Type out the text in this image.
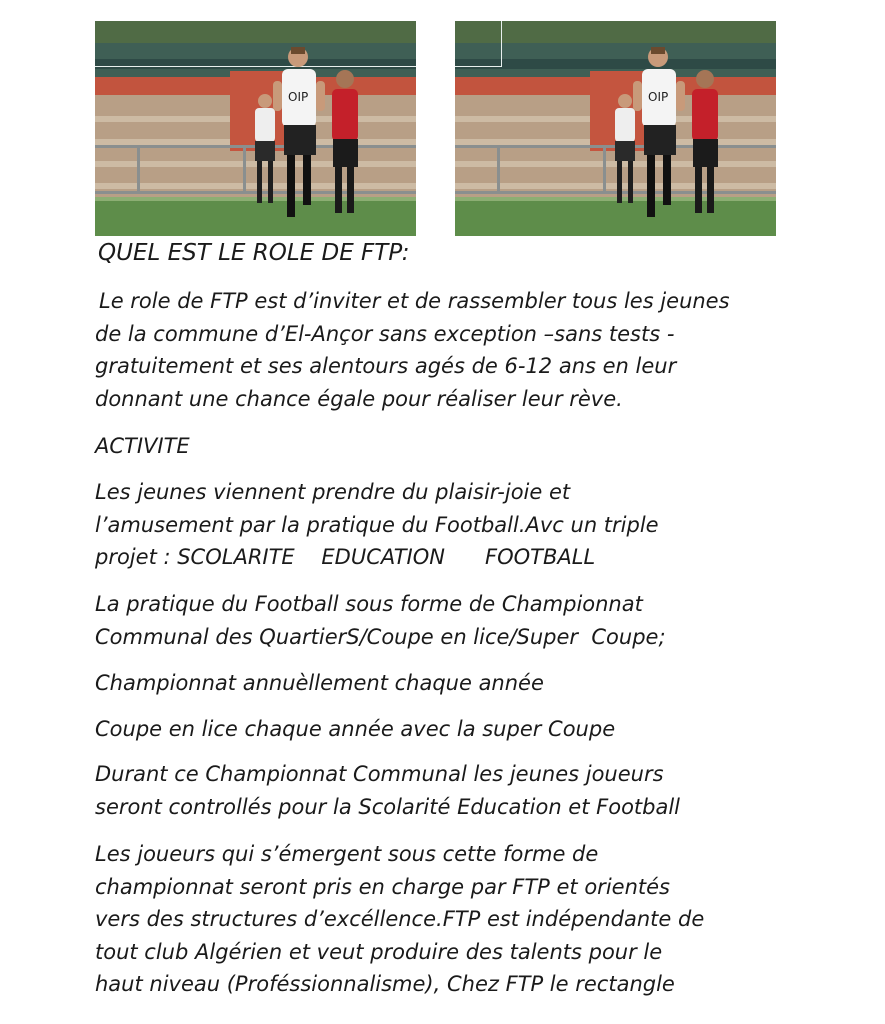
OIP	OIP
QUEL EST LE ROLE DE FTP:
Le role de FTP est d’inviter et de rassembler tous les jeunes
de la commune d’El-Ançor sans exception –sans tests -
gratuitement et ses alentours agés de 6-12 ans en leur
donnant une chance égale pour réaliser leur rève.
ACTIVITE
Les jeunes viennent prendre du plaisir-joie et
l’amusement par la pratique du Football.Avc un triple
projet : SCOLARITE    EDUCATION      FOOTBALL
La pratique du Football sous forme de Championnat
Communal des QuartierS/Coupe en lice/Super  Coupe;
Championnat annuèllement chaque année
Coupe en lice chaque année avec la super Coupe
Durant ce Championnat Communal les jeunes joueurs
seront controllés pour la Scolarité Education et Football
Les joueurs qui s’émergent sous cette forme de
championnat seront pris en charge par FTP et orientés
vers des structures d’excéllence.FTP est indépendante de
tout club Algérien et veut produire des talents pour le
haut niveau (Proféssionnalisme), Chez FTP le rectangle
